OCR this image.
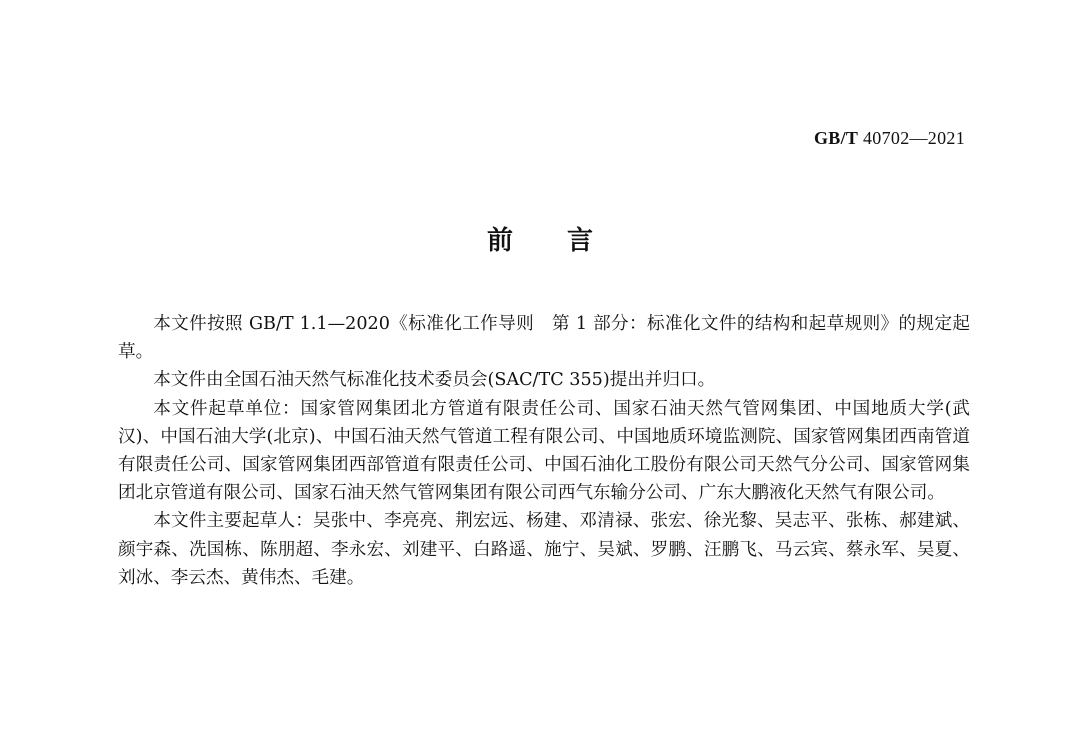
GB/T 40702—2021
前言

本文件按照 GB/T 1.1—2020《标准化工作导则　第 1 部分：标准化文件的结构和起草规则》的规定起草。

本文件由全国石油天然气标准化技术委员会(SAC/TC 355)提出并归口。

本文件起草单位：国家管网集团北方管道有限责任公司、国家石油天然气管网集团、中国地质大学(武汉)、中国石油大学(北京)、中国石油天然气管道工程有限公司、中国地质环境监测院、国家管网集团西南管道有限责任公司、国家管网集团西部管道有限责任公司、中国石油化工股份有限公司天然气分公司、国家管网集团北京管道有限公司、国家石油天然气管网集团有限公司西气东输分公司、广东大鹏液化天然气有限公司。

本文件主要起草人：吴张中、李亮亮、荆宏远、杨建、邓清禄、张宏、徐光黎、吴志平、张栋、郝建斌、颜宇森、冼国栋、陈朋超、李永宏、刘建平、白路遥、施宁、吴斌、罗鹏、汪鹏飞、马云宾、蔡永军、吴夏、刘冰、李云杰、黄伟杰、毛建。
